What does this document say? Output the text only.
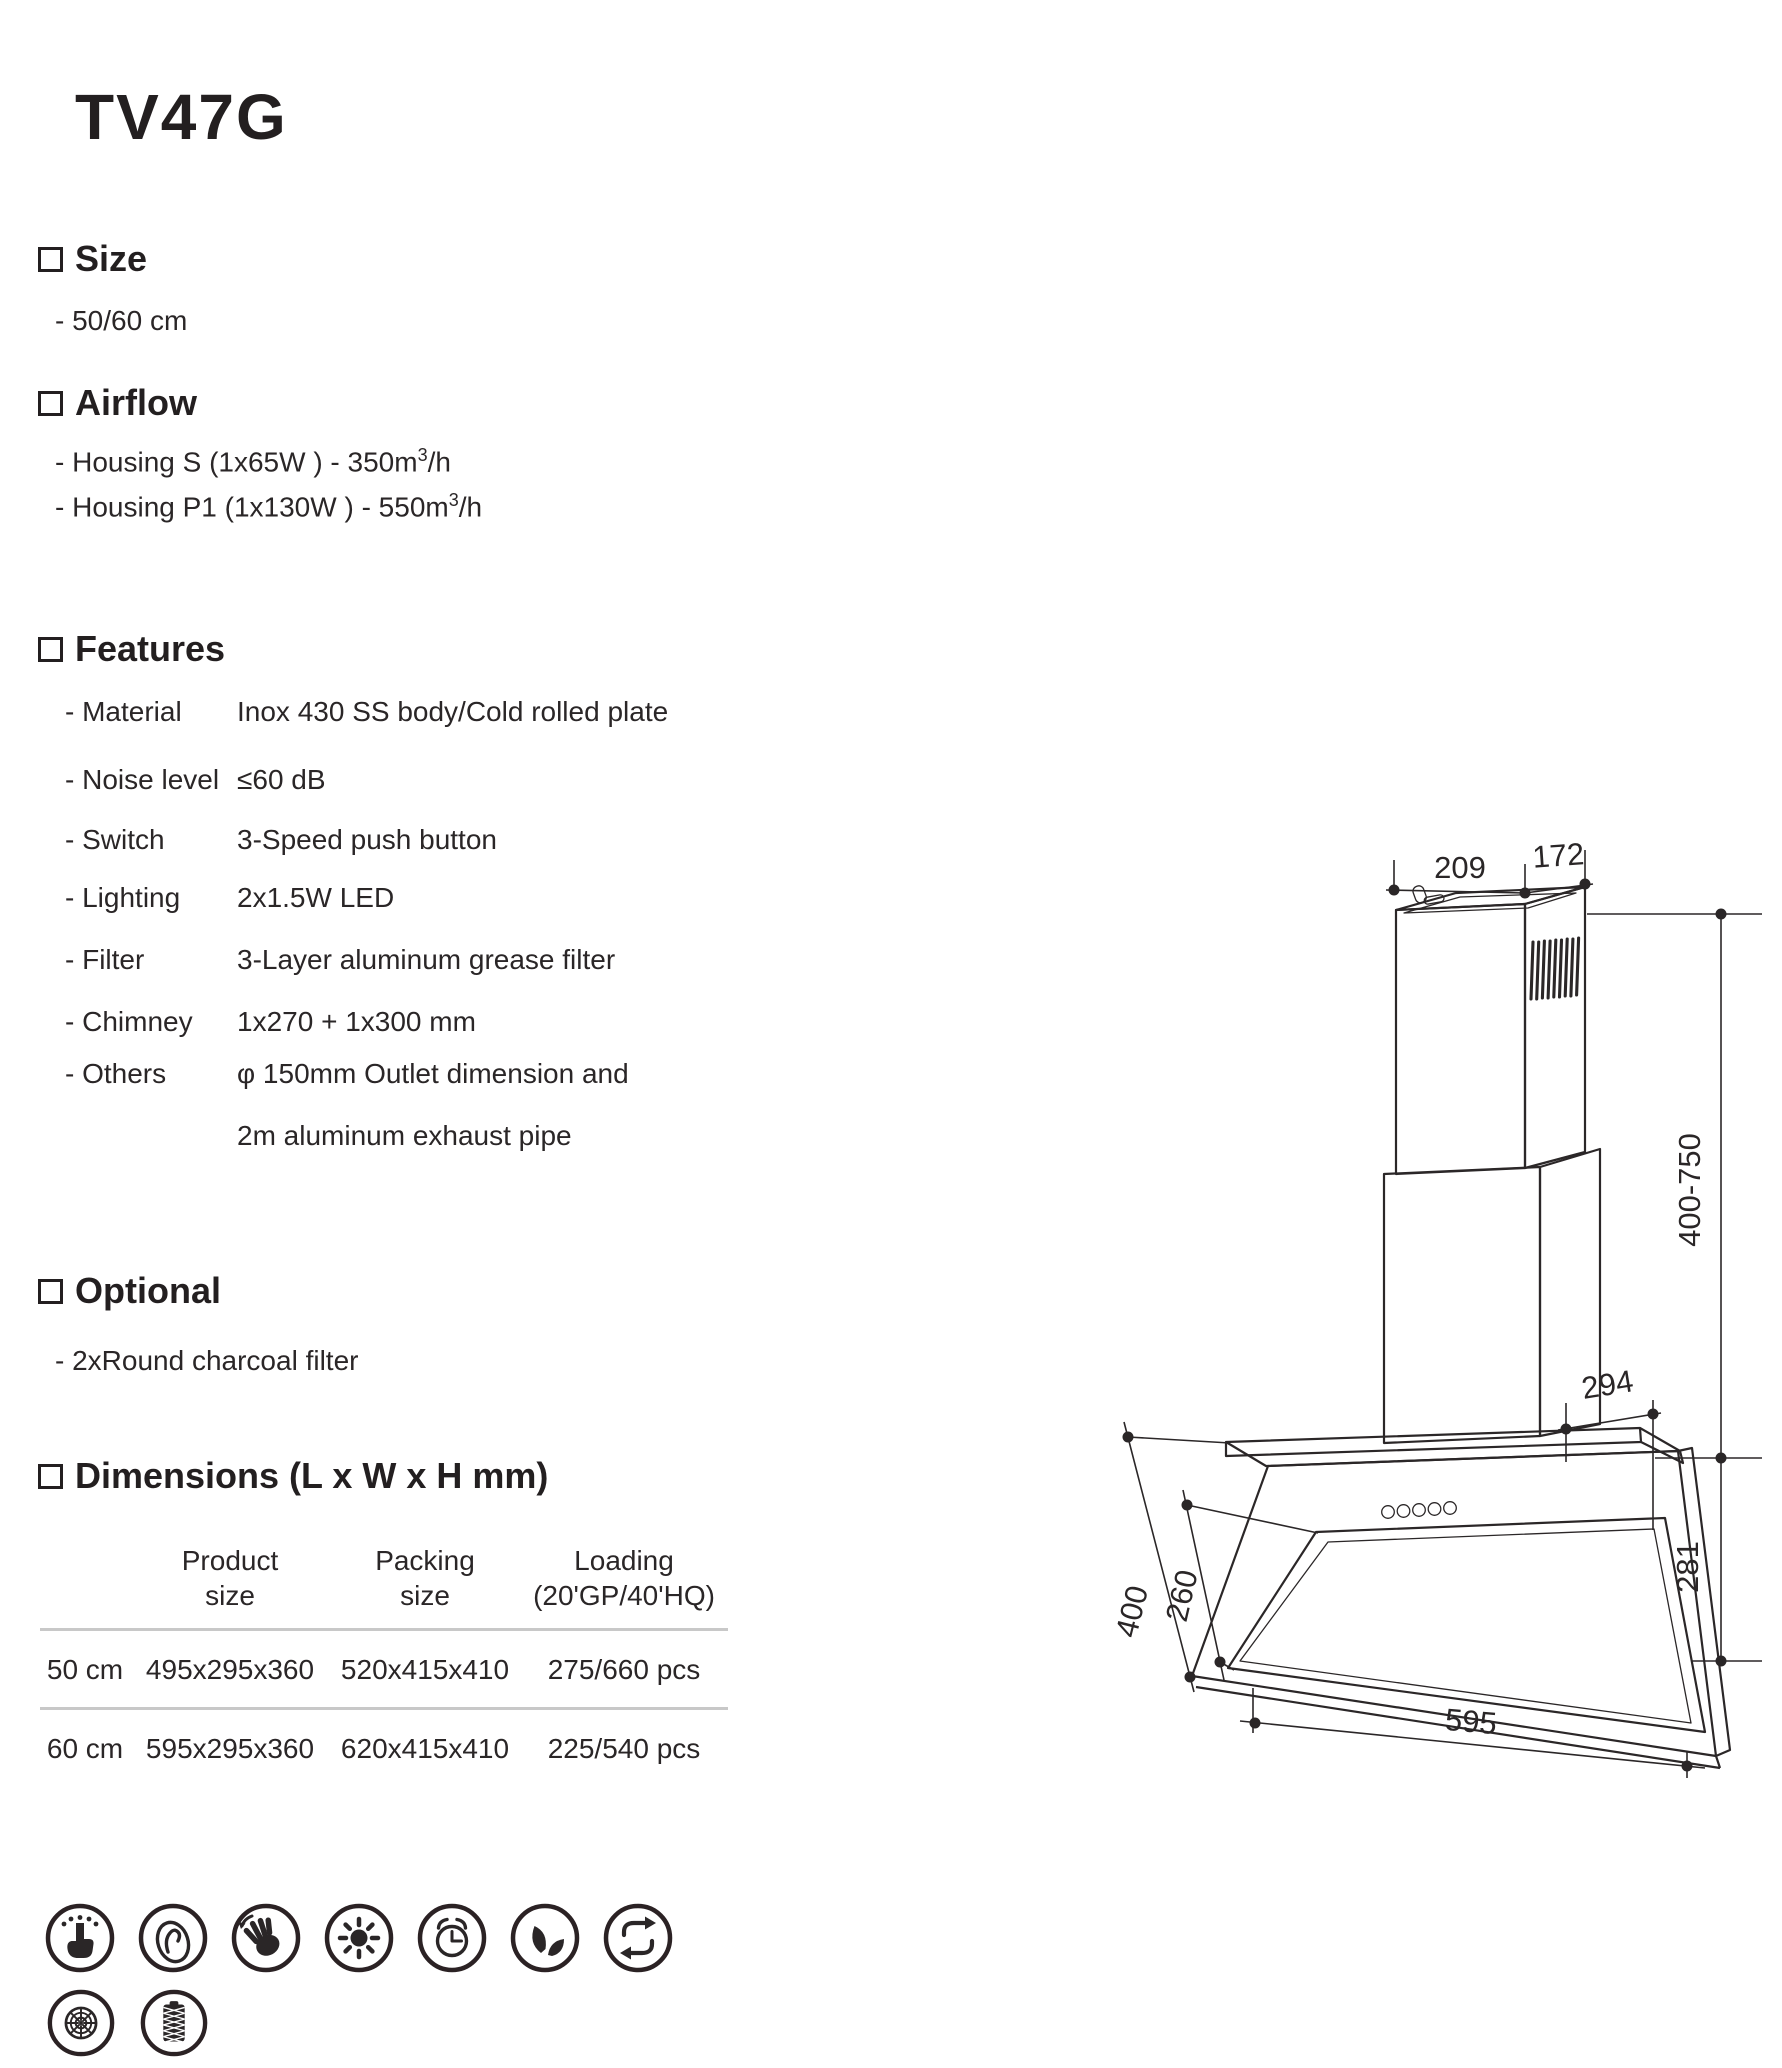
TV47G
Size
- 50/60 cm
Airflow
- Housing S (1x65W ) - $350m^3/h$
- Housing P1 (1x130W ) - $550m^3/h$
Features
- Material Inox 430 SS body/Cold rolled plate
- Noise level ≤60 dB
- Switch	3-Speed push button
- Lighting 2x1.5W LED
- Filter	3-Layer aluminum grease filter
- Chimney 1x270 + 1x300 mm
- Others	φ 150mm Outlet dimension and
2m aluminum exhaust pipe
Optional
- 2xRound charcoal filter
Dimensions (L x W x H mm)
Product
size
Packing
size
Loading
(20'GP/40'HQ)
50 cm 495x295x360 520x415x410	275/660 pcs
60 cm 595x295x360 620x415x410	225/540 pcs
209 172
400-750
294
281
400 260
595
